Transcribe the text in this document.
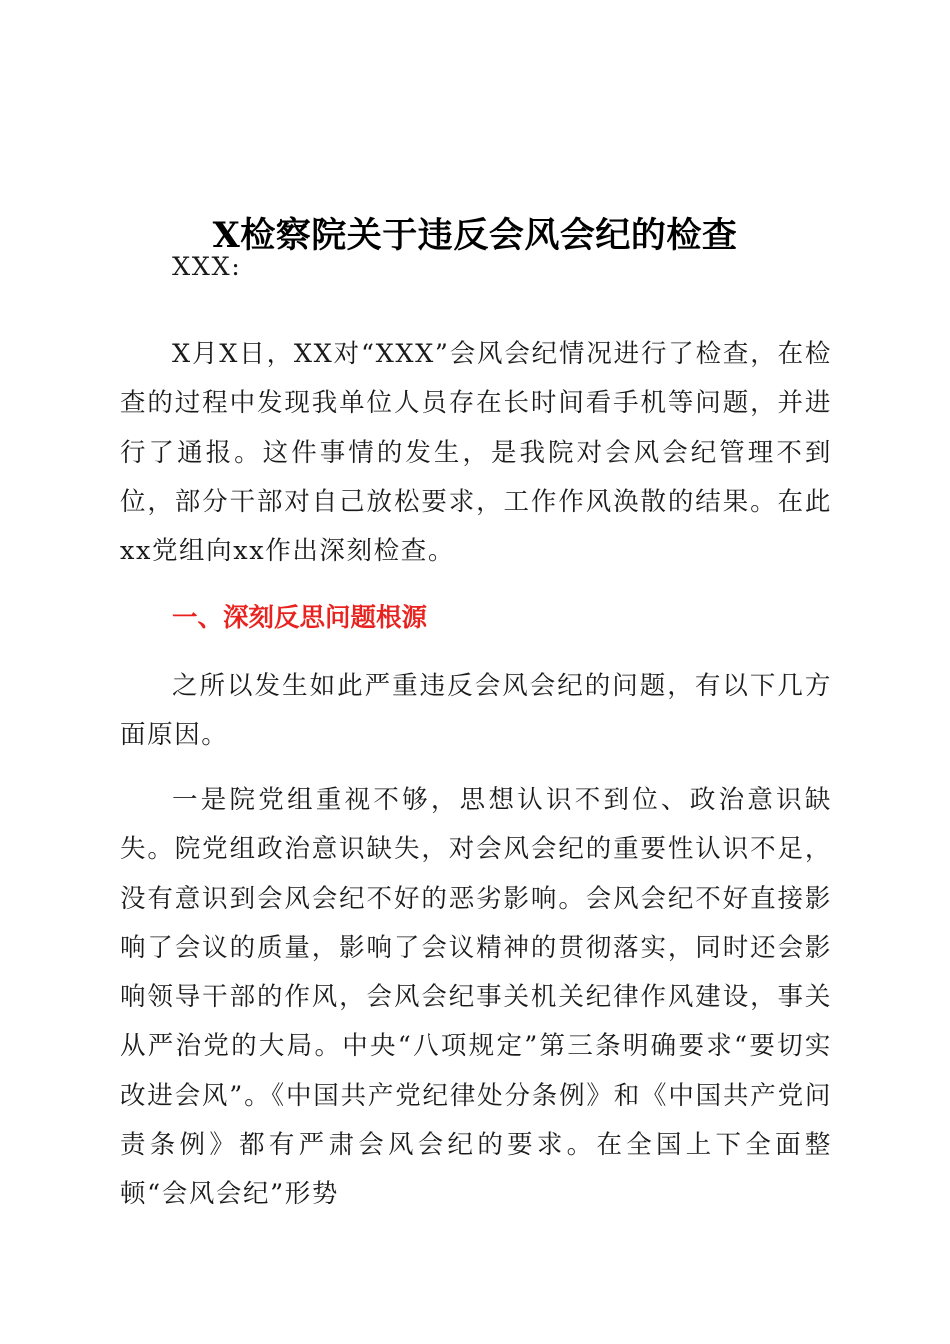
X检察院关于违反会风会纪的检查

XXX:

X月X日，XX对“XXX”会风会纪情况进行了检查，在检查的过程中发现我单位人员存在长时间看手机等问题，并进行了通报。这件事情的发生，是我院对会风会纪管理不到位，部分干部对自己放松要求，工作作风涣散的结果。在此xx党组向xx作出深刻检查。

一、深刻反思问题根源

之所以发生如此严重违反会风会纪的问题，有以下几方面原因。

一是院党组重视不够，思想认识不到位、政治意识缺失。院党组政治意识缺失，对会风会纪的重要性认识不足，没有意识到会风会纪不好的恶劣影响。会风会纪不好直接影响了会议的质量，影响了会议精神的贯彻落实，同时还会影响领导干部的作风，会风会纪事关机关纪律作风建设，事关从严治党的大局。中央“八项规定”第三条明确要求“要切实改进会风”。《中国共产党纪律处分条例》和《中国共产党问责条例》都有严肃会风会纪的要求。在全国上下全面整顿“会风会纪”形势
